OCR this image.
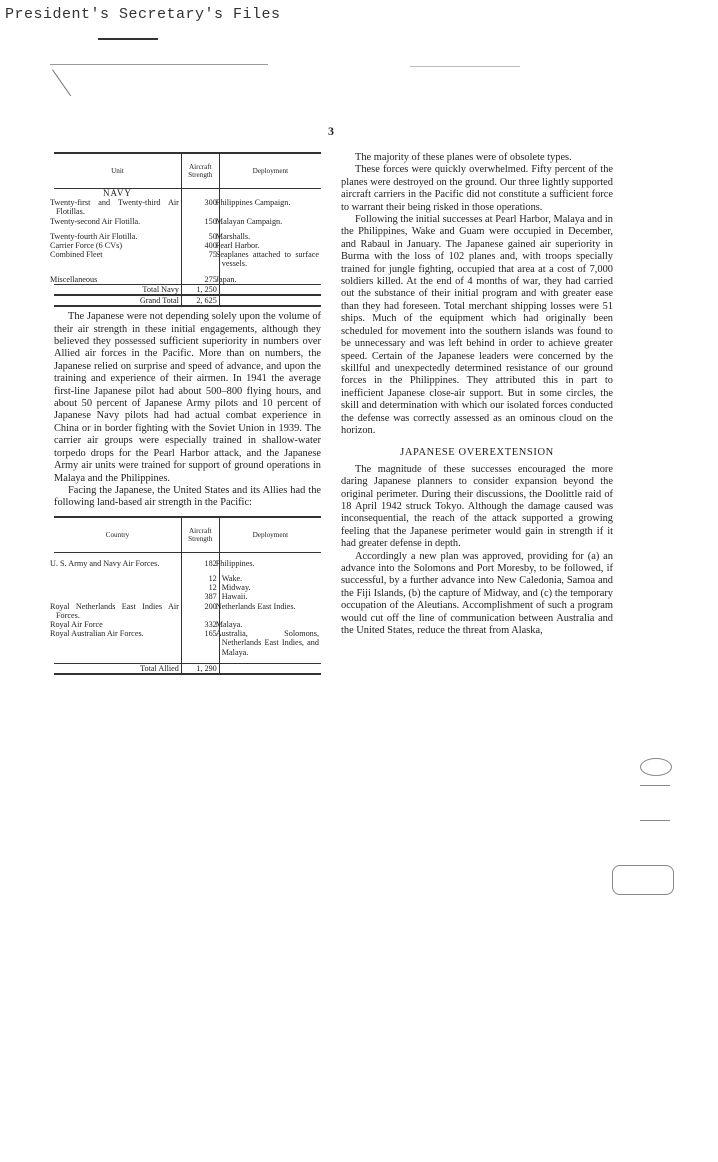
President's Secretary's Files
3
Unit	Aircraft Strength	Deployment
NAVY		
Twenty-first and Twenty-third Air Flotillas.	300	Philippines Campaign.
Twenty-second Air Flotilla.	150	Malayan Campaign.

Twenty-fourth Air Flotilla.	50	Marshalls.
Carrier Force (6 CVs)	400	Pearl Harbor.
Combined Fleet	75	Seaplanes attached to surface vessels.

Miscellaneous	275	Japan.
Total Navy	1, 250	
Grand Total	2, 625	

The Japanese were not depending solely upon the volume of their air strength in these initial engagements, although they believed they possessed sufficient superiority in numbers over Allied air forces in the Pacific. More than on numbers, the Japanese relied on surprise and speed of advance, and upon the training and experience of their airmen. In 1941 the average first-line Japanese pilot had about 500–800 flying hours, and about 50 percent of Japanese Army pilots and 10 percent of Japanese Navy pilots had had actual combat experience in China or in border fighting with the Soviet Union in 1939. The carrier air groups were especially trained in shallow-water torpedo drops for the Pearl Harbor attack, and the Japanese Army air units were trained for support of ground operations in Malaya and the Philippines.

Facing the Japanese, the United States and its Allies had the following land-based air strength in the Pacific:

Country	Aircraft Strength	Deployment

U. S. Army and Navy Air Forces.	182	Philippines.

	12	Wake.
	12	Midway.
	387	Hawaii.
Royal Netherlands East Indies Air Forces.	200	Netherlands East Indies.
Royal Air Force	332	Malaya.
Royal Australian Air Forces.	165	Australia, Solomons, Netherlands East Indies, and Malaya.

Total Allied	1, 290	

The majority of these planes were of obsolete types.

These forces were quickly overwhelmed. Fifty percent of the planes were destroyed on the ground. Our three lightly supported aircraft carriers in the Pacific did not constitute a sufficient force to warrant their being risked in those operations.

Following the initial successes at Pearl Harbor, Malaya and in the Philippines, Wake and Guam were occupied in December, and Rabaul in January. The Japanese gained air superiority in Burma with the loss of 102 planes and, with troops specially trained for jungle fighting, occupied that area at a cost of 7,000 soldiers killed. At the end of 4 months of war, they had carried out the substance of their initial program and with greater ease than they had foreseen. Total merchant shipping losses were 51 ships. Much of the equipment which had originally been scheduled for movement into the southern islands was found to be unnecessary and was left behind in order to achieve greater speed. Certain of the Japanese leaders were concerned by the skillful and unexpectedly determined resistance of our ground forces in the Philippines. They attributed this in part to inefficient Japanese close-air support. But in some circles, the skill and determination with which our isolated forces conducted the defense was correctly assessed as an ominous cloud on the horizon.

JAPANESE OVEREXTENSION

The magnitude of these successes encouraged the more daring Japanese planners to consider expansion beyond the original perimeter. During their discussions, the Doolittle raid of 18 April 1942 struck Tokyo. Although the damage caused was inconsequential, the reach of the attack supported a growing feeling that the Japanese perimeter would gain in strength if it had greater defense in depth.

Accordingly a new plan was approved, providing for (a) an advance into the Solomons and Port Moresby, to be followed, if successful, by a further advance into New Caledonia, Samoa and the Fiji Islands, (b) the capture of Midway, and (c) the temporary occupation of the Aleutians. Accomplishment of such a program would cut off the line of communication between Australia and the United States, reduce the threat from Alaska,
